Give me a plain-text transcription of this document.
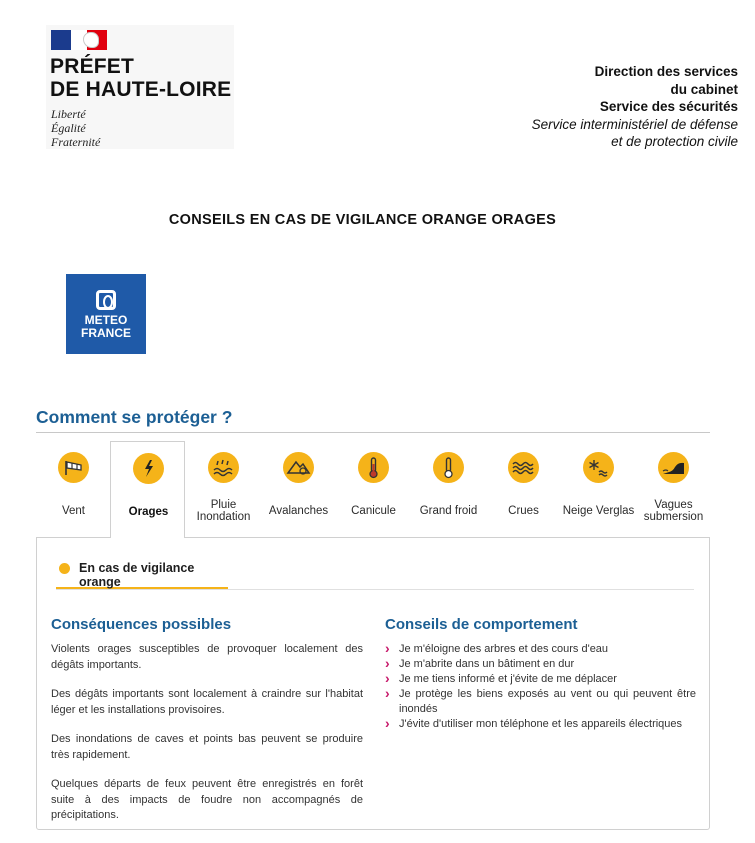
PRÉFET
DE HAUTE-LOIRE
Liberté
Égalité
Fraternité
Direction des services
du cabinet
Service des sécurités
Service interministériel de défense
et de protection civile
CONSEILS EN CAS DE VIGILANCE ORANGE ORAGES
METEO
FRANCE
Comment se protéger ?
Vent	Orages
Pluie
Inondation	Avalanches	Canicule	Grand froid	Crues	Neige Verglas	Vagues
submersion
En cas de vigilance orange
Conséquences possibles

Violents orages susceptibles de provoquer localement des dégâts importants.

Des dégâts importants sont localement à craindre sur l'habitat léger et les installations provisoires.

Des inondations de caves et points bas peuvent se produire très rapidement.

Quelques départs de feux peuvent être enregistrés en forêt suite à des impacts de foudre non accompagnés de précipitations.

Conseils de comportement
› Je m'éloigne des arbres et des cours d'eau
› Je m'abrite dans un bâtiment en dur
› Je me tiens informé et j'évite de me déplacer
› Je protège les biens exposés au vent ou qui peuvent être inondés
› J'évite d'utiliser mon téléphone et les appareils électriques
